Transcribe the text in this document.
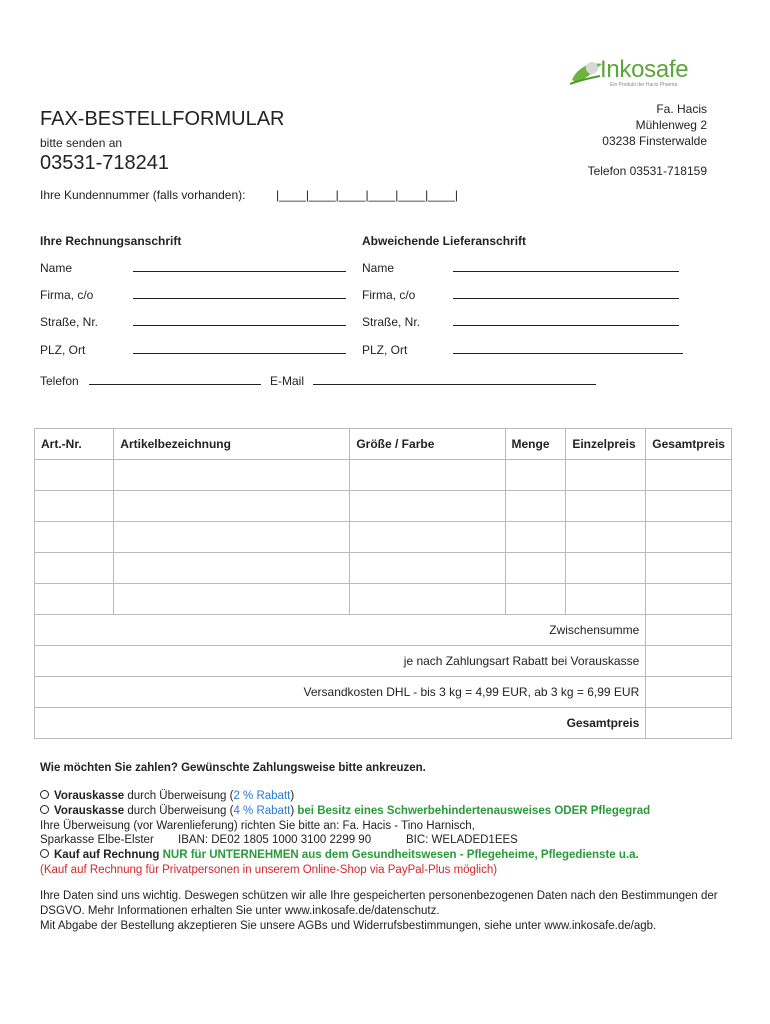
Inkosafe
Ein Produkt der Hacis Pharma
FAX-BESTELLFORMULAR
bitte senden an
03531-718241
Fa. Hacis
Mühlenweg 2
03238 Finsterwalde
Telefon 03531-718159
Ihre Kundennummer (falls vorhanden):	|____|____|____|____|____|____|
Ihre Rechnungsanschrift	Abweichende Lieferanschrift
Name
Firma, c/o
Straße, Nr.
PLZ, Ort
Name
Firma, c/o
Straße, Nr.
PLZ, Ort
Telefon	E-Mail
Art.-Nr.	Artikelbezeichnung	Größe / Farbe	Menge	Einzelpreis	Gesamtpreis

Zwischensumme					
je nach Zahlungsart Rabatt bei Vorauskasse					
Versandkosten DHL - bis 3 kg = 4,99 EUR, ab 3 kg = 6,99 EUR					
Gesamtpreis					
Wie möchten Sie zahlen? Gewünschte Zahlungsweise bitte ankreuzen.
Vorauskasse durch Überweisung (2 % Rabatt)
Vorauskasse durch Überweisung (4 % Rabatt) bei Besitz eines Schwerbehindertenausweises ODER Pflegegrad
Ihre Überweisung (vor Warenlieferung) richten Sie bitte an: Fa. Hacis - Tino Harnisch,
Sparkasse Elbe-Elster IBAN: DE02 1805 1000 3100 2299 90	BIC: WELADED1EES
Kauf auf Rechnung NUR für UNTERNEHMEN aus dem Gesundheitswesen - Pflegeheime, Pflegedienste u.a.
(Kauf auf Rechnung für Privatpersonen in unserem Online-Shop via PayPal-Plus möglich)
Ihre Daten sind uns wichtig. Deswegen schützen wir alle Ihre gespeicherten personenbezogenen Daten nach den Bestimmungen der
DSGVO. Mehr Informationen erhalten Sie unter www.inkosafe.de/datenschutz.
Mit Abgabe der Bestellung akzeptieren Sie unsere AGBs und Widerrufsbestimmungen, siehe unter www.inkosafe.de/agb.
